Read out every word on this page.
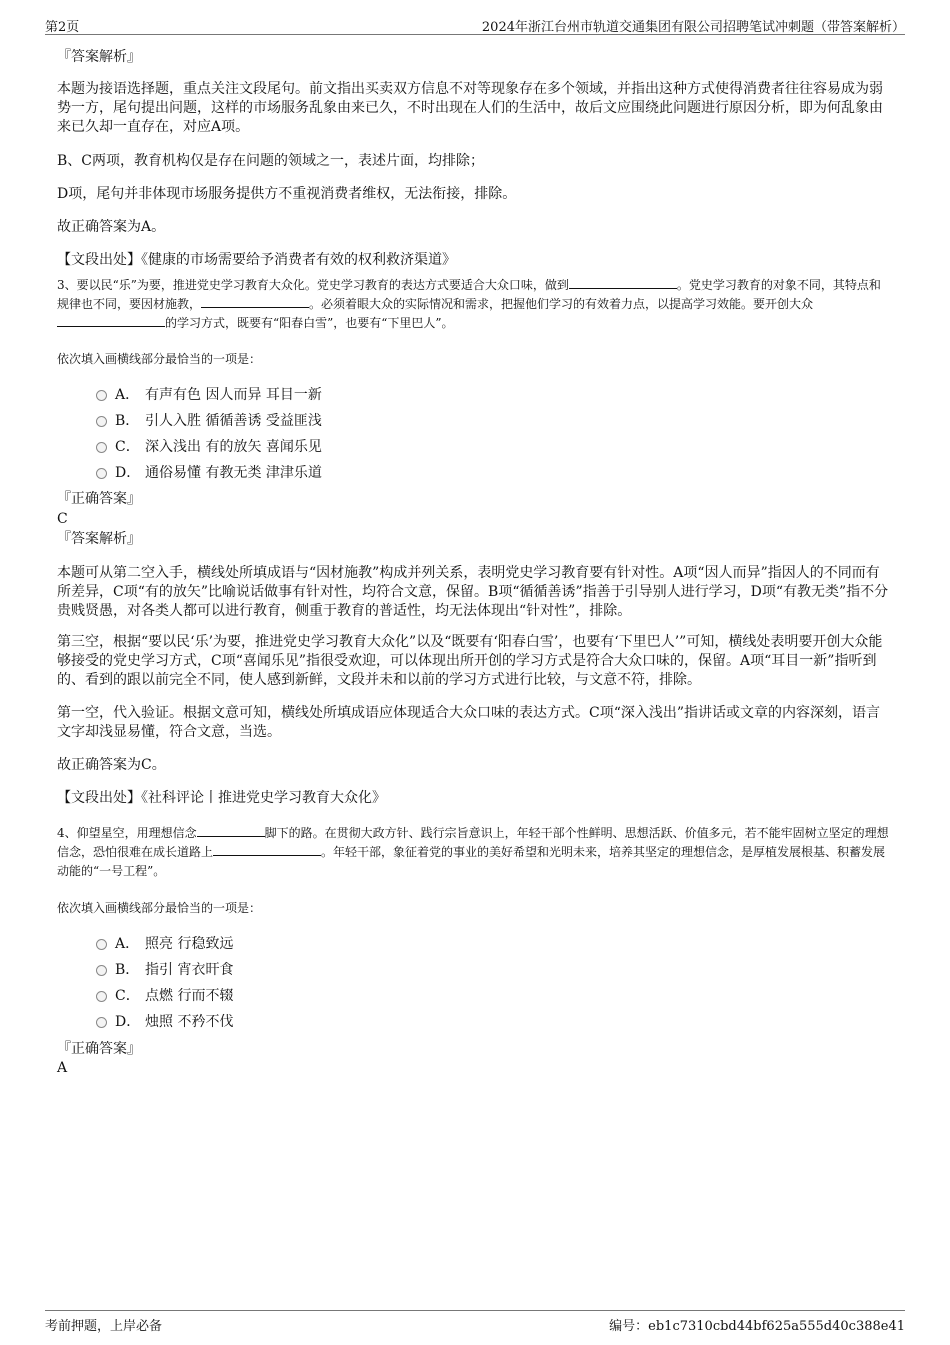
第2页	2024年浙江台州市轨道交通集团有限公司招聘笔试冲刺题（带答案解析）
『答案解析』
本题为接语选择题，重点关注文段尾句。前文指出买卖双方信息不对等现象存在多个领域，并指出这种方式使得消费者往往容易成为弱势一方，尾句提出问题，这样的市场服务乱象由来已久，不时出现在人们的生活中，故后文应围绕此问题进行原因分析，即为何乱象由来已久却一直存在，对应A项。
B、C两项，教育机构仅是存在问题的领域之一，表述片面，均排除；
D项，尾句并非体现市场服务提供方不重视消费者维权，无法衔接，排除。
故正确答案为A。
【文段出处】《健康的市场需要给予消费者有效的权利救济渠道》
3、要以民“乐”为要，推进党史学习教育大众化。党史学习教育的表达方式要适合大众口味，做到	。党史学习教育的对象不同，其特点和规律也不同，要因材施教，	。必须着眼大众的实际情况和需求，把握他们学习的有效着力点，以提高学习效能。要开创大众的学习方式，既要有“阳春白雪”，也要有“下里巴人”。
依次填入画横线部分最恰当的一项是：
A． 有声有色 因人而异 耳目一新
B． 引人入胜 循循善诱 受益匪浅
C． 深入浅出 有的放矢 喜闻乐见
D． 通俗易懂 有教无类 津津乐道
『正确答案』
C
『答案解析』
本题可从第二空入手，横线处所填成语与“因材施教”构成并列关系，表明党史学习教育要有针对性。A项“因人而异”指因人的不同而有所差异，C项“有的放矢”比喻说话做事有针对性，均符合文意，保留。B项“循循善诱”指善于引导别人进行学习，D项“有教无类”指不分贵贱贤愚，对各类人都可以进行教育，侧重于教育的普适性，均无法体现出“针对性”，排除。
第三空，根据“要以民‘乐’为要，推进党史学习教育大众化”以及“既要有‘阳春白雪’，也要有‘下里巴人’”可知，横线处表明要开创大众能够接受的党史学习方式，C项“喜闻乐见”指很受欢迎，可以体现出所开创的学习方式是符合大众口味的，保留。A项“耳目一新”指听到的、看到的跟以前完全不同，使人感到新鲜，文段并未和以前的学习方式进行比较，与文意不符，排除。
第一空，代入验证。根据文意可知，横线处所填成语应体现适合大众口味的表达方式。C项“深入浅出”指讲话或文章的内容深刻，语言文字却浅显易懂，符合文意，当选。
故正确答案为C。
【文段出处】《社科评论丨推进党史学习教育大众化》
4、仰望星空，用理想信念	脚下的路。在贯彻大政方针、践行宗旨意识上，年轻干部个性鲜明、思想活跃、价值多元，若不能牢固树立坚定的理想信念，恐怕很难在成长道路上	。年轻干部，象征着党的事业的美好希望和光明未来，培养其坚定的理想信念，是厚植发展根基、积蓄发展动能的“一号工程”。
依次填入画横线部分最恰当的一项是：
A． 照亮 行稳致远
B． 指引 宵衣旰食
C． 点燃 行而不辍
D． 烛照 不矜不伐
『正确答案』
A
考前押题，上岸必备	编号：eb1c7310cbd44bf625a555d40c388e41
